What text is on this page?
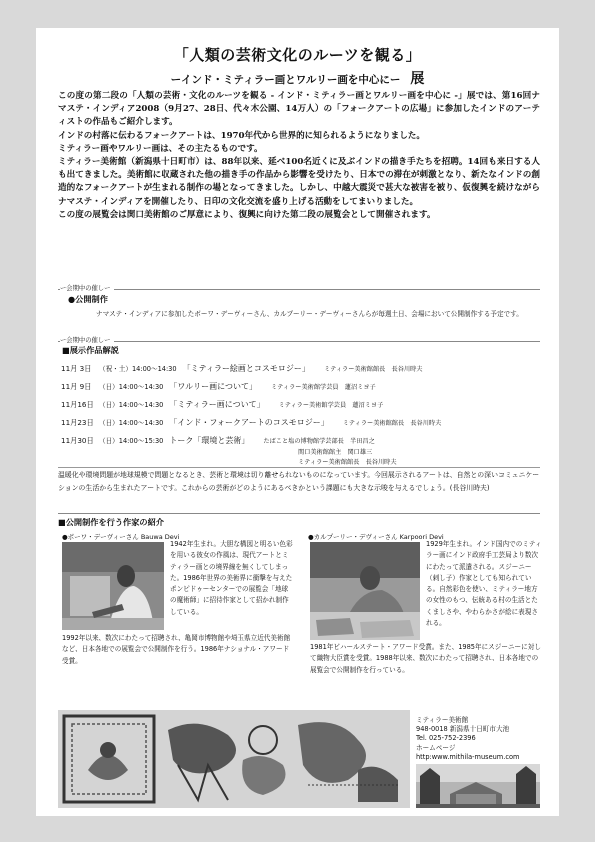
「人類の芸術文化のルーツを観る」
ーインド・ミティラー画とワルリー画を中心にー 展

この度の第二段の「人類の芸術・文化のルーツを観る - インド・ミティラー画とワルリー画を中心に -」展では、第16回ナマステ・インディア2008（9月27、28日、代々木公園、14万人）の「フォークアートの広場」に参加したインドのアーティストの作品もご紹介します。

インドの村落に伝わるフォークアートは、1970年代から世界的に知られるようになりました。

ミティラー画やワルリー画は、その主たるものです。

ミティラー美術館（新潟県十日町市）は、88年以来、延べ100名近くに及ぶインドの描き手たちを招聘。14回も来日する人も出てきました。美術館に収蔵された他の描き手の作品から影響を受けたり、日本での滞在が刺激となり、新たなインドの創造的なフォークアートが生まれる制作の場となってきました。しかし、中越大震災で甚大な被害を被り、仮復興を続けながらナマステ・インディアを開催したり、日印の文化交流を盛り上げる活動をしてまいりました。

この度の展覧会は関口美術館のご厚意により、復興に向けた第二段の展覧会として開催されます。

ー会期中の催しー
●公開制作
ナマステ・インディアに参加したボーワ・デーヴィーさん、カルプーリー・デーヴィーさんらが毎週土日、会場において公開制作する予定です。
ー会期中の催しー
■展示作品解説
11月 3日 （祝・土）14:00〜14:30 「ミティラー絵画とコスモロジー」 ミティラー美術館館長　長谷川時夫
11月 9日 （日）14:00〜14:30 「ワルリー画について」 ミティラー美術館学芸員　蓮沼ミヨ子
11月16日 （日）14:00〜14:30 「ミティラー画について」 ミティラー美術館学芸員　蓮沼ミヨ子
11月23日 （日）14:00〜14:30 「インド・フォークアートのコスモロジー」 ミティラー美術館館長　長谷川時夫
11月30日 （日）14:00〜15:30 トーク「環境と芸術」 たばこと塩の博物館学芸部長　半田昌之
関口美術館館主　関口雄三
ミティラー美術館館長　長谷川時夫
温暖化や環境問題が地球規模で問題となるとき、芸術と環境は切り離せられないものになっています。今回展示されるアートは、自然との深いコミュニケーションの生活から生まれたアートです。これからの芸術がどのようにあるべきかという課題にも大きな示唆を与えるでしょう。(長谷川時夫)
■公開制作を行う作家の紹介
●ボーワ・デーヴィーさん Bauwa Devi
1942年生まれ。大胆な構図と明るい色彩を用いる彼女の作風は、現代アートとミティラー画との境界線を無くしてしまった。1986年世界の美術界に衝撃を与えたポンピドゥーセンターでの展覧会「地球の魔術師」に招待作家として招かれ制作している。
1992年以来、数次にわたって招聘され、亀岡市博物館や埼玉県立近代美術館など、日本各地での展覧会で公開制作を行う。1986年ナショナル・アワード受賞。
●カルプーリー・デヴィーさん Karpoori Devi
1929年生まれ。インド国内でのミティラー画にインド政府手工芸局より数次にわたって派遣される。スジーニー（刺し子）作家としても知られている。自然彩色を使い、ミティラー地方の女性のもつ、伝統ある村の生活とたくましさや、やわらかさが絵に表現される。
1981年ビハールステート・アワード受賞。また、1985年にスジーニーに対して織物大臣賞を受賞。1988年以来、数次にわたって招聘され、日本各地での展覧会で公開制作を行っている。
ミティラー美術館
948-0018 新潟県十日町市大池
Tel. 025-752-2396
ホームページ
http:www.mithila-museum.com
